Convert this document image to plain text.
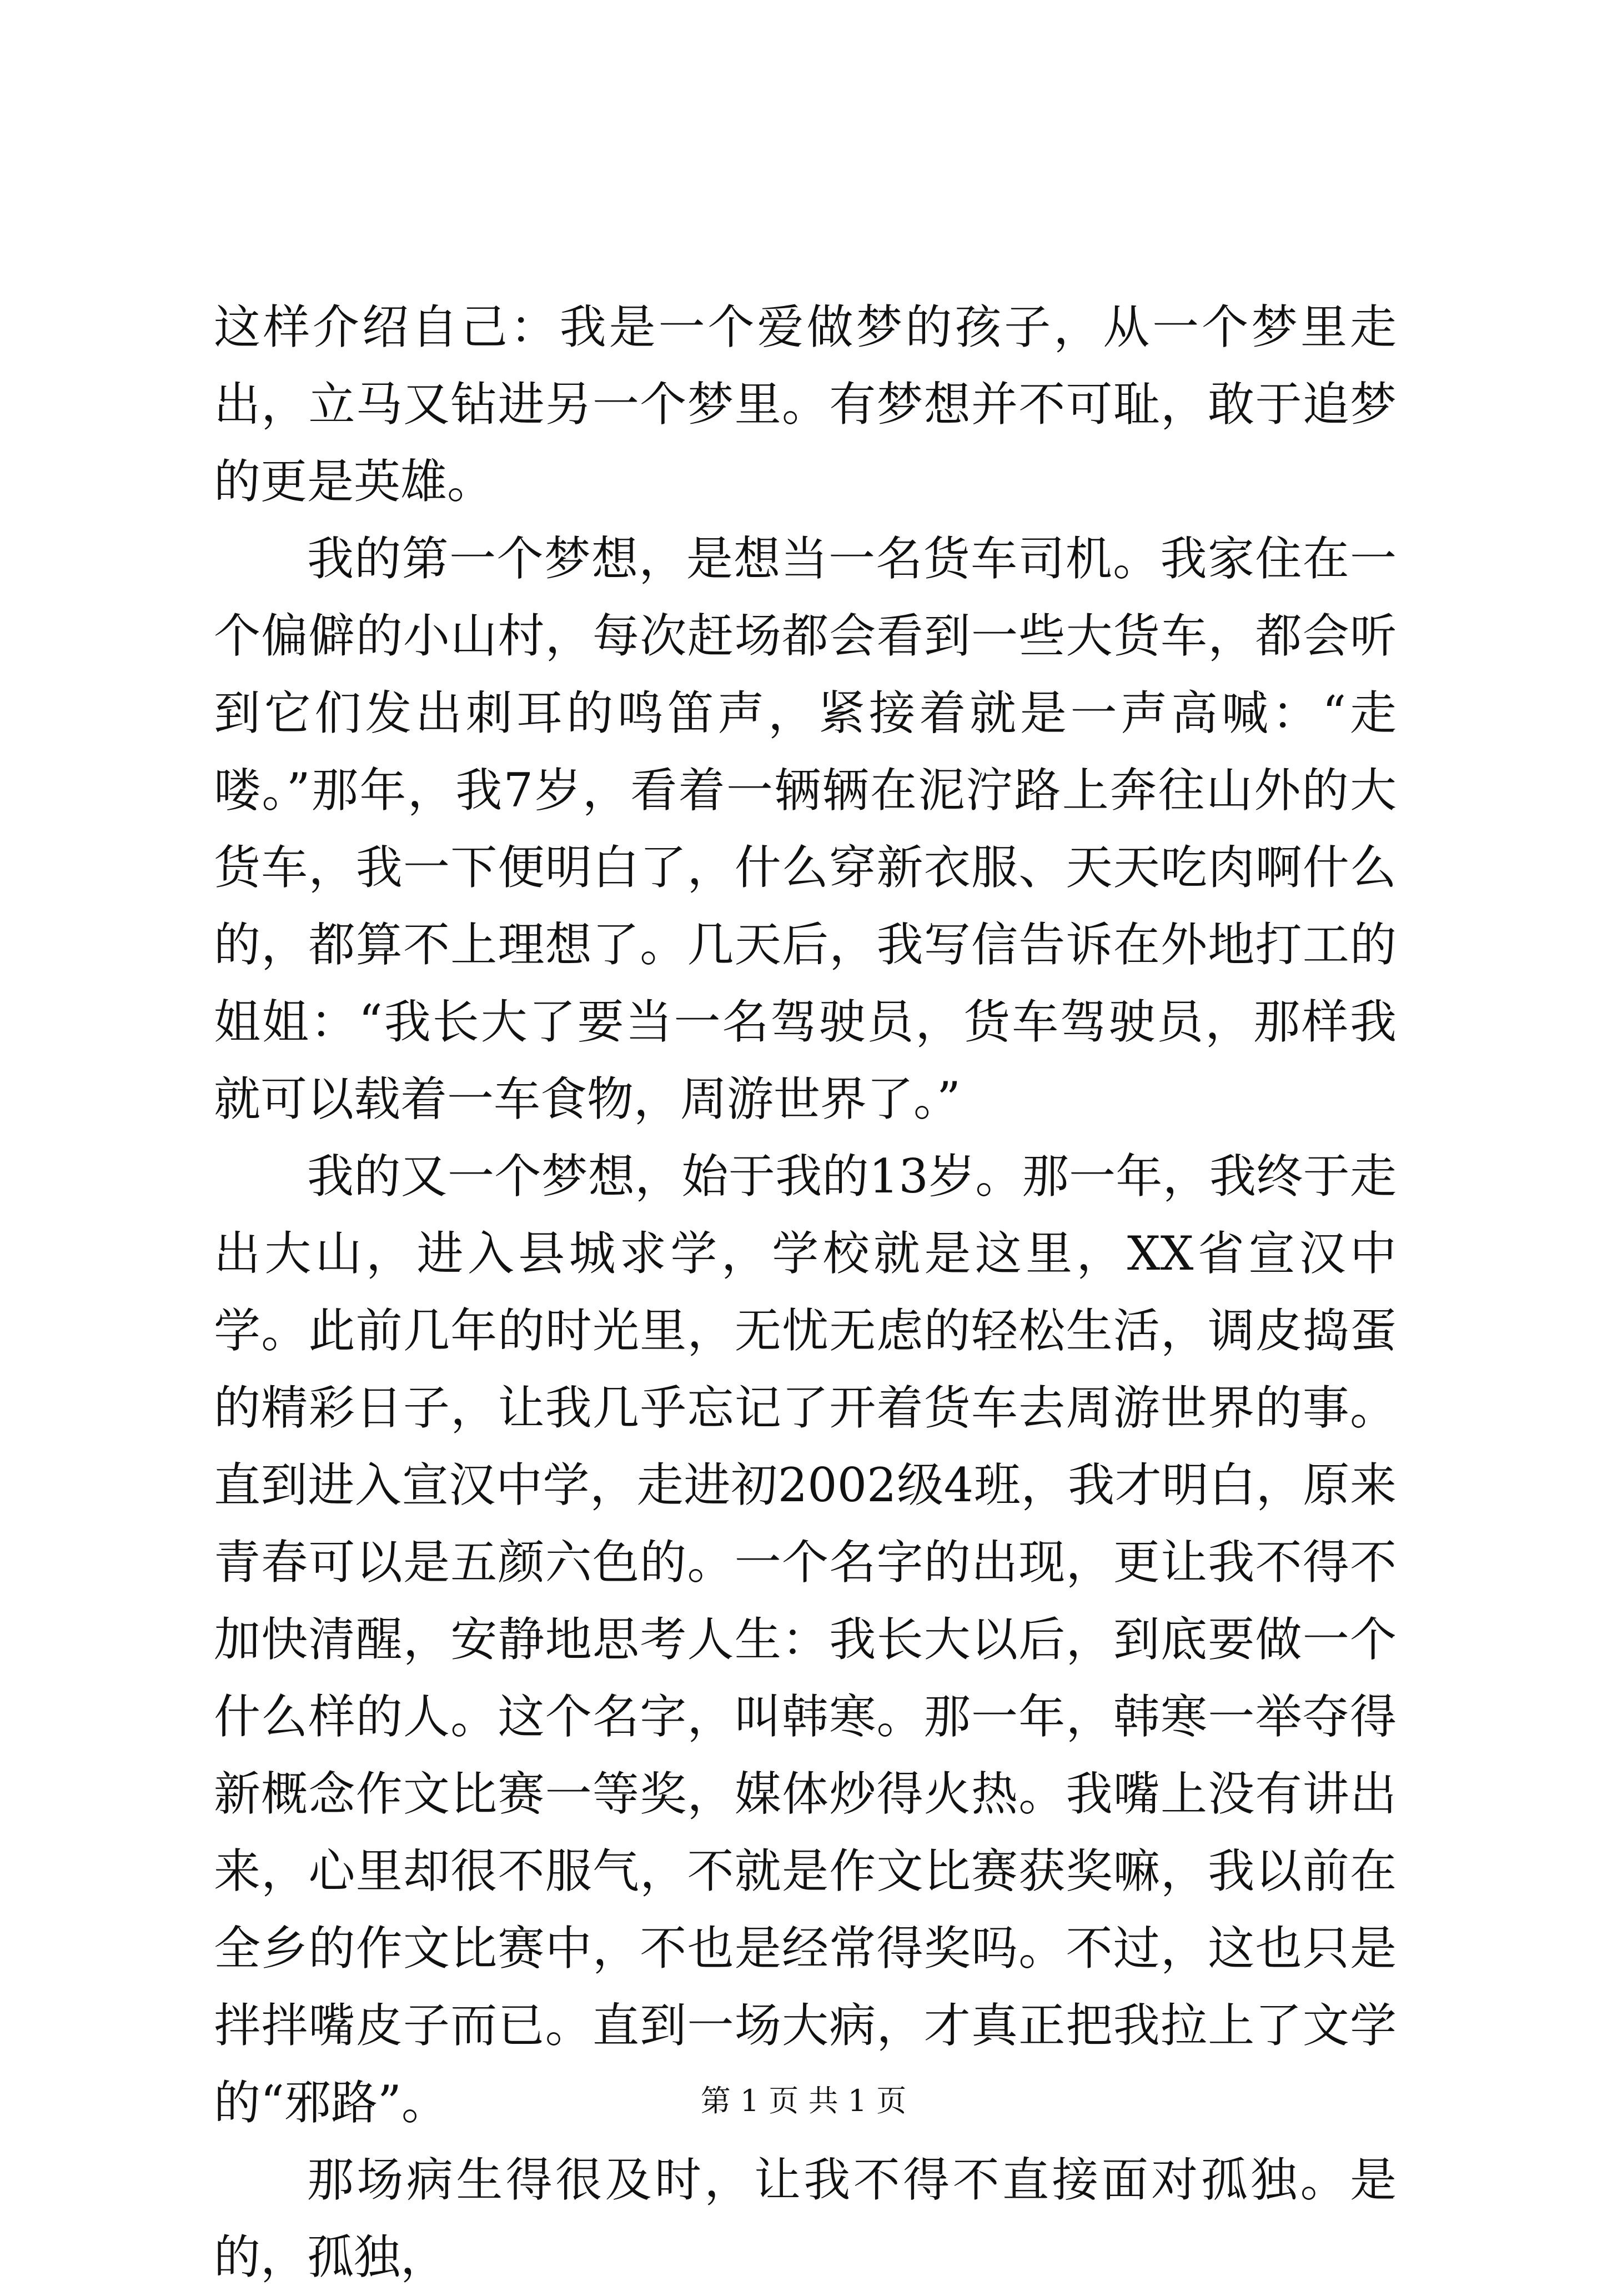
这样介绍自己：我是一个爱做梦的孩子，从一个梦里走出，立马又钻进另一个梦里。有梦想并不可耻，敢于追梦的更是英雄。

我的第一个梦想，是想当一名货车司机。我家住在一个偏僻的小山村，每次赶场都会看到一些大货车，都会听到它们发出刺耳的鸣笛声，紧接着就是一声高喊：“走喽。”那年，我7岁，看着一辆辆在泥泞路上奔往山外的大货车，我一下便明白了，什么穿新衣服、天天吃肉啊什么的，都算不上理想了。几天后，我写信告诉在外地打工的姐姐：“我长大了要当一名驾驶员，货车驾驶员，那样我就可以载着一车食物，周游世界了。”

我的又一个梦想，始于我的13岁。那一年，我终于走出大山，进入县城求学，学校就是这里，XX省宣汉中学。此前几年的时光里，无忧无虑的轻松生活，调皮捣蛋的精彩日子，让我几乎忘记了开着货车去周游世界的事。直到进入宣汉中学，走进初2002级4班，我才明白，原来青春可以是五颜六色的。一个名字的出现，更让我不得不加快清醒，安静地思考人生：我长大以后，到底要做一个什么样的人。这个名字，叫韩寒。那一年，韩寒一举夺得新概念作文比赛一等奖，媒体炒得火热。我嘴上没有讲出来，心里却很不服气，不就是作文比赛获奖嘛，我以前在全乡的作文比赛中，不也是经常得奖吗。不过，这也只是拌拌嘴皮子而已。直到一场大病，才真正把我拉上了文学的“邪路”。

那场病生得很及时，让我不得不直接面对孤独。是的，孤独，

第 1 页 共 1 页
